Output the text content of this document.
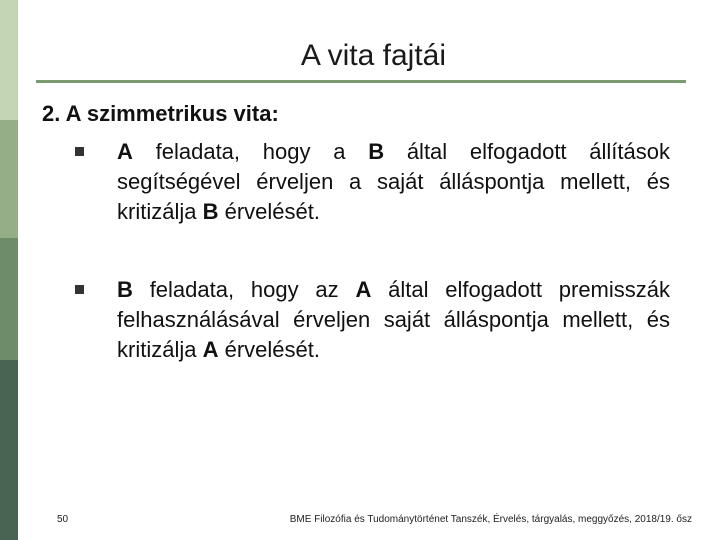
A vita fajtái
2. A szimmetrikus vita:
A feladata, hogy a B által elfogadott állítások segítségével érveljen a saját álláspontja mellett, és kritizálja B érvelését.
B feladata, hogy az A által elfogadott premisszák felhasználásával érveljen saját álláspontja mellett, és kritizálja A érvelését.
50	BME Filozófia és Tudománytörténet Tanszék, Érvelés, tárgyalás, meggyőzés, 2018/19. ősz
